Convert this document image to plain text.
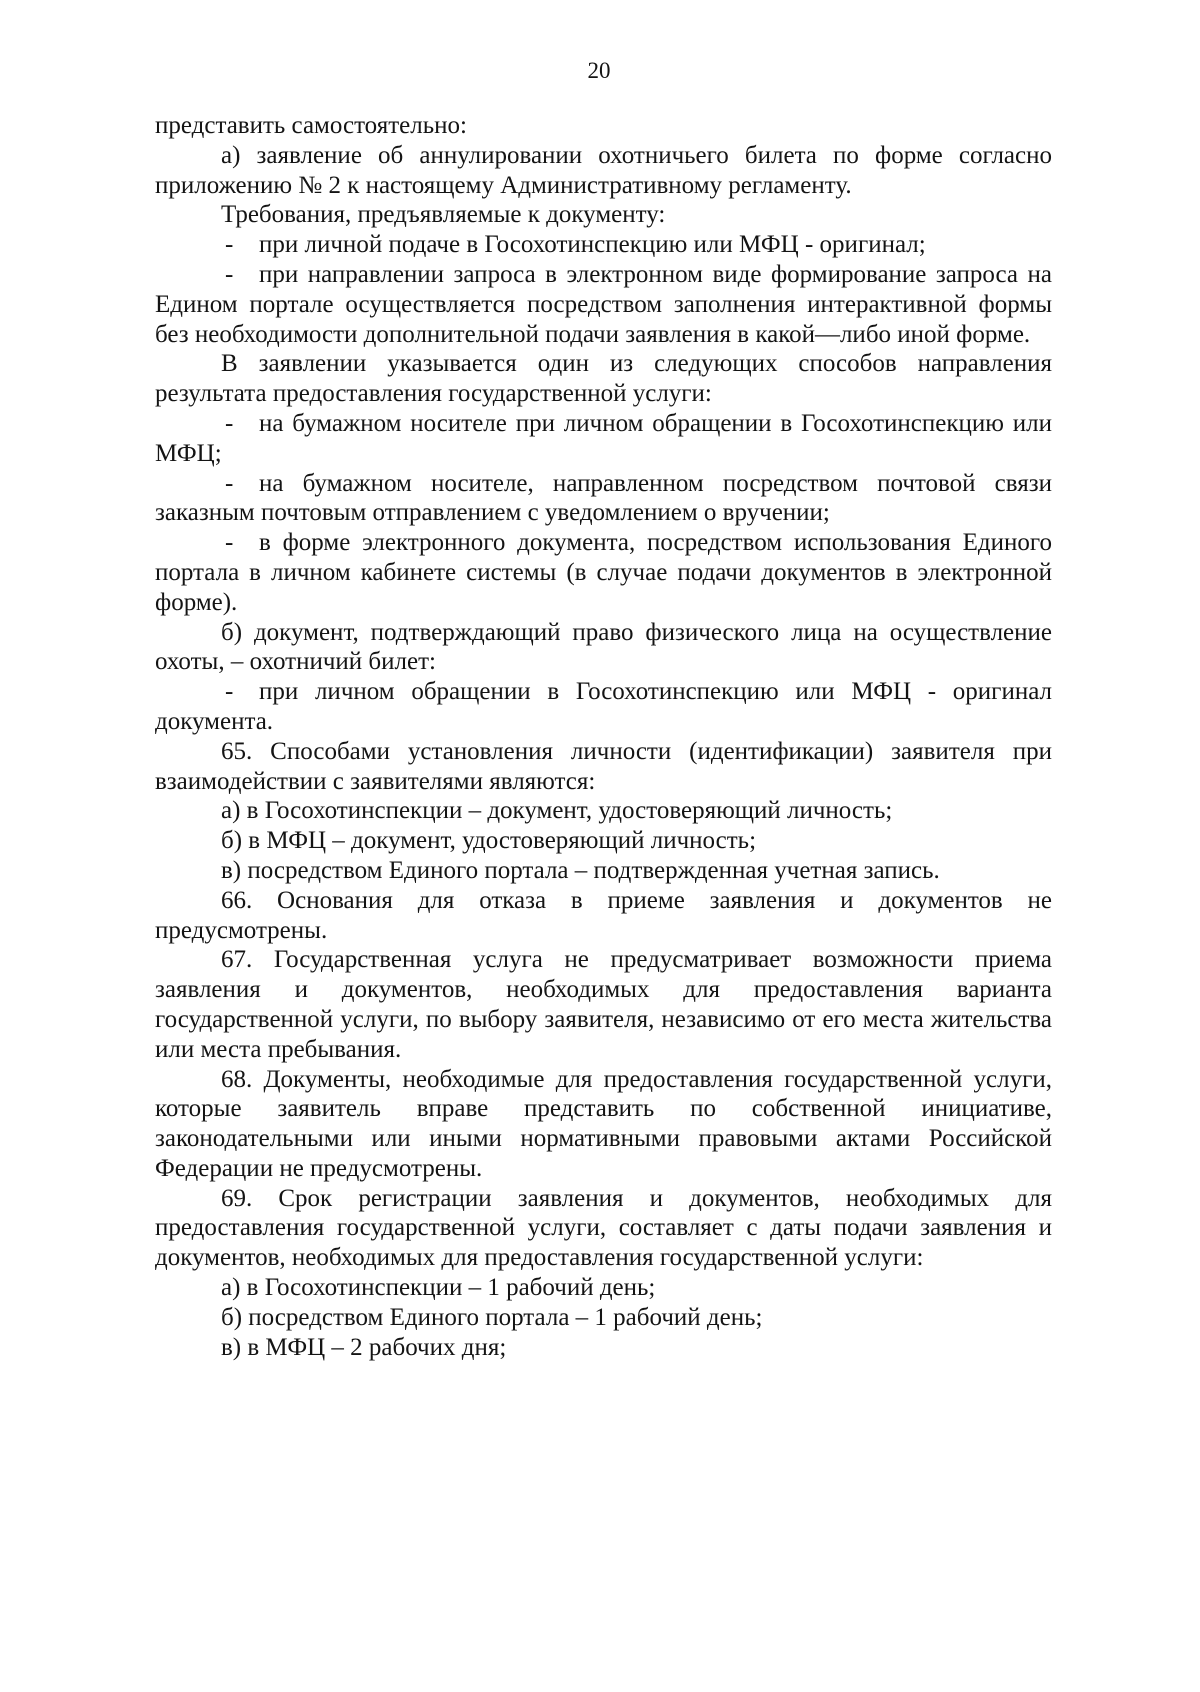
20

представить самостоятельно:

а) заявление об аннулировании охотничьего билета по форме согласно приложению № 2 к настоящему Административному регламенту.

Требования, предъявляемые к документу:

- при личной подаче в Госохотинспекцию или МФЦ - оригинал;

- при направлении запроса в электронном виде формирование запроса на Едином портале осуществляется посредством заполнения интерактивной формы без необходимости дополнительной подачи заявления в какой—либо иной форме.

В заявлении указывается один из следующих способов направления результата предоставления государственной услуги:

- на бумажном носителе при личном обращении в Госохотинспекцию или МФЦ;

- на бумажном носителе, направленном посредством почтовой связи заказным почтовым отправлением с уведомлением о вручении;

- в форме электронного документа, посредством использования Единого портала в личном кабинете системы (в случае подачи документов в электронной форме).

б) документ, подтверждающий право физического лица на осуществление охоты, – охотничий билет:

- при личном обращении в Госохотинспекцию или МФЦ - оригинал документа.

65. Способами установления личности (идентификации) заявителя при взаимодействии с заявителями являются:

а) в Госохотинспекции – документ, удостоверяющий личность;

б) в МФЦ – документ, удостоверяющий личность;

в) посредством Единого портала – подтвержденная учетная запись.

66. Основания для отказа в приеме заявления и документов не предусмотрены.

67. Государственная услуга не предусматривает возможности приема заявления и документов, необходимых для предоставления варианта государственной услуги, по выбору заявителя, независимо от его места жительства или места пребывания.

68. Документы, необходимые для предоставления государственной услуги, которые заявитель вправе представить по собственной инициативе, законодательными или иными нормативными правовыми актами Российской Федерации не предусмотрены.

69. Срок регистрации заявления и документов, необходимых для предоставления государственной услуги, составляет с даты подачи заявления и документов, необходимых для предоставления государственной услуги:

а) в Госохотинспекции – 1 рабочий день;

б) посредством Единого портала – 1 рабочий день;

в) в МФЦ – 2 рабочих дня;
